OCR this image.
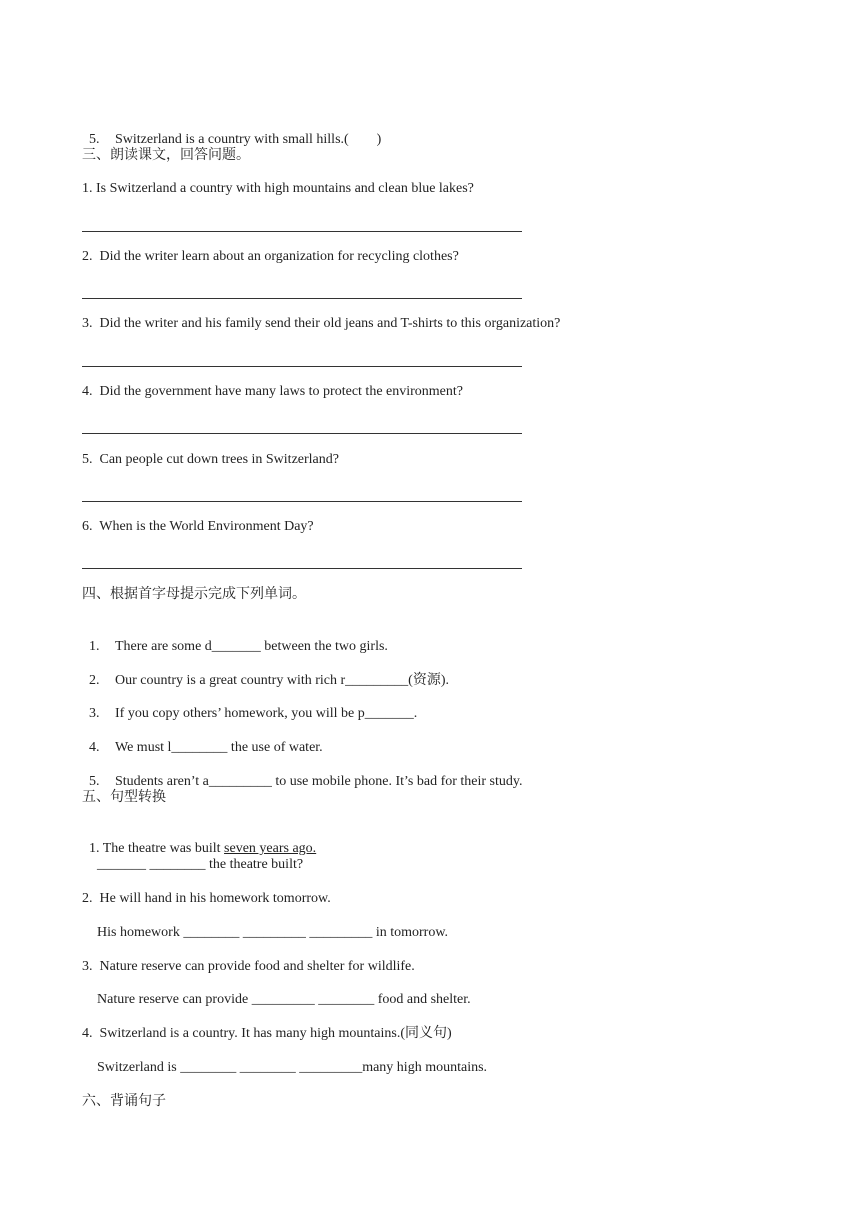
5. Switzerland is a country with small hills.(        )

三、朗读课文，回答问题。
1. Is Switzerland a country with high mountains and clean blue lakes?
2.  Did the writer learn about an organization for recycling clothes?
3.  Did the writer and his family send their old jeans and T-shirts to this organization?
4.  Did the government have many laws to protect the environment?
5.  Can people cut down trees in Switzerland?
6.  When is the World Environment Day?
四、根据首字母提示完成下列单词。

1. There are some d_______ between the two girls.

2. Our country is a great country with rich r_________(资源).

3. If you copy others’ homework, you will be p_______.

4. We must l________ the use of water.

5. Students aren’t a_________ to use mobile phone. It’s bad for their study.

五、句型转换

1. The theatre was built seven years ago.

_______ ________ the theatre built?
2.  He will hand in his homework tomorrow.
His homework ________ _________ _________ in tomorrow.
3.  Nature reserve can provide food and shelter for wildlife.
Nature reserve can provide _________ ________ food and shelter.
4.  Switzerland is a country. It has many high mountains.(同义句)
Switzerland is ________ ________ _________many high mountains.
六、背诵句子
